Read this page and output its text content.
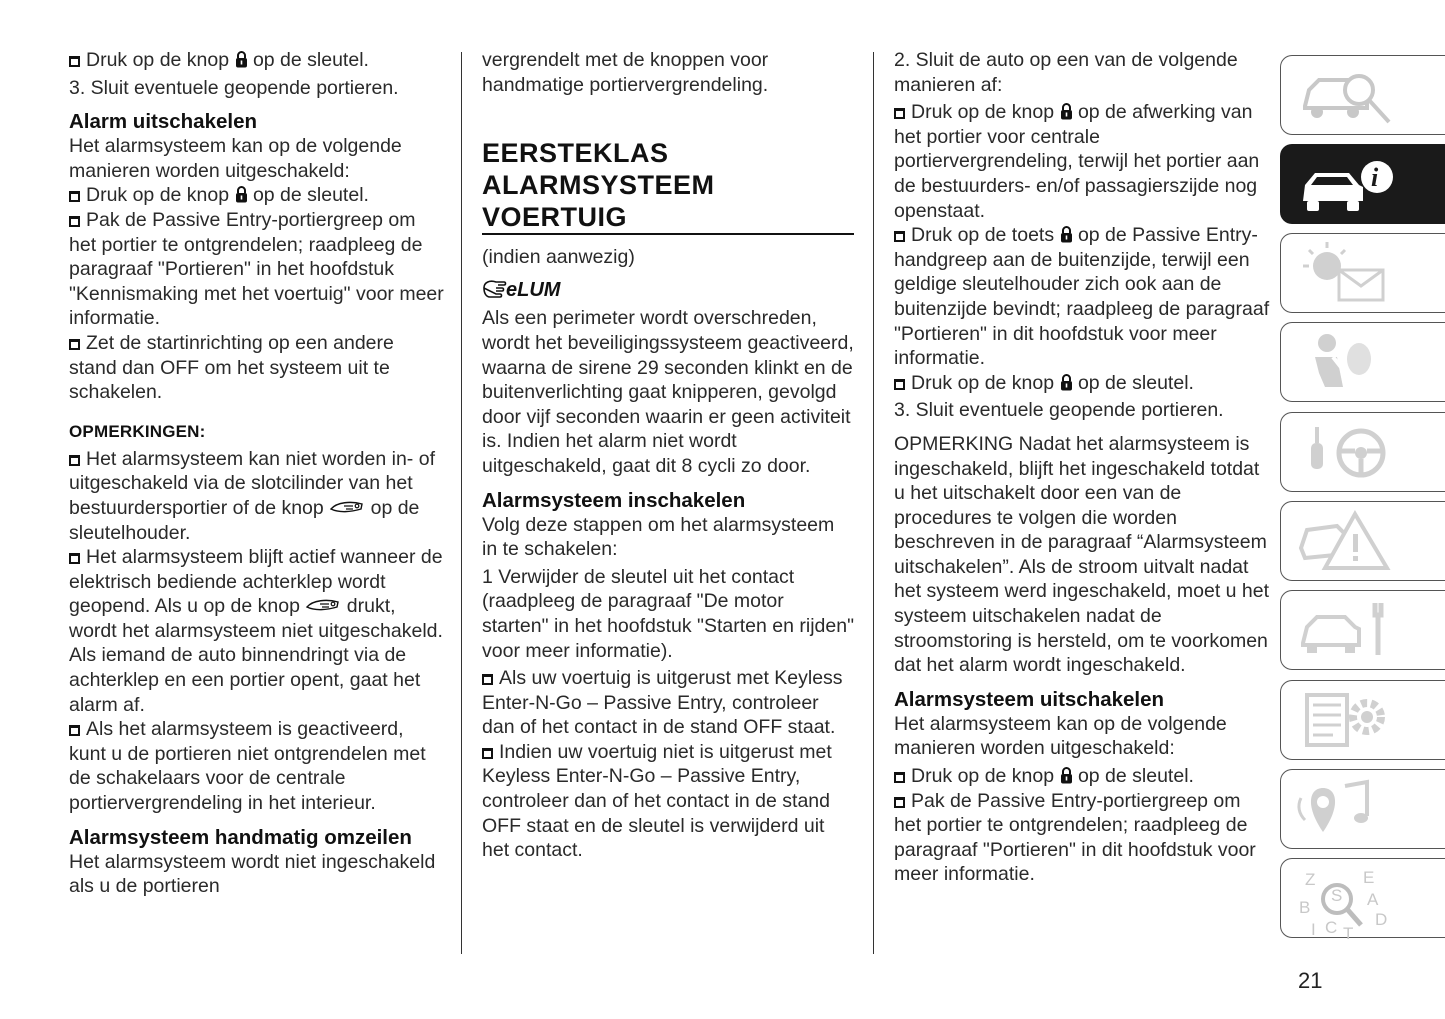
Druk op de knop op de sleutel.

3. Sluit eventuele geopende portieren.

Alarm uitschakelen

Het alarmsysteem kan op de volgende manieren worden uitgeschakeld:

Druk op de knop op de sleutel.

Pak de Passive Entry-portiergreep om het portier te ontgrendelen; raadpleeg de paragraaf "Portieren" in het hoofdstuk "Kennismaking met het voertuig" voor meer informatie.

Zet de startinrichting op een andere stand dan OFF om het systeem uit te schakelen.

OPMERKINGEN:

Het alarmsysteem kan niet worden in- of uitgeschakeld via de slotcilinder van het bestuurdersportier of de knop op de sleutelhouder.

Het alarmsysteem blijft actief wanneer de elektrisch bediende achterklep wordt geopend. Als u op de knop drukt, wordt het alarmsysteem niet uitgeschakeld. Als iemand de auto binnendringt via de achterklep en een portier opent, gaat het alarm af.

Als het alarmsysteem is geactiveerd, kunt u de portieren niet ontgrendelen met de schakelaars voor de centrale portiervergrendeling in het interieur.

Alarmsysteem handmatig omzeilen

Het alarmsysteem wordt niet ingeschakeld als u de portieren

vergrendelt met de knoppen voor handmatige portiervergrendeling.

EERSTEKLAS
ALARMSYSTEEM
VOERTUIG

(indien aanwezig)

eLUM

Als een perimeter wordt overschreden, wordt het beveiligingssysteem geactiveerd, waarna de sirene 29 seconden klinkt en de buitenverlichting gaat knipperen, gevolgd door vijf seconden waarin er geen activiteit is. Indien het alarm niet wordt uitgeschakeld, gaat dit 8 cycli zo door.

Alarmsysteem inschakelen

Volg deze stappen om het alarmsysteem in te schakelen:

1 Verwijder de sleutel uit het contact (raadpleeg de paragraaf "De motor starten" in het hoofdstuk "Starten en rijden" voor meer informatie).

Als uw voertuig is uitgerust met Keyless Enter-N-Go – Passive Entry, controleer dan of het contact in de stand OFF staat.

Indien uw voertuig niet is uitgerust met Keyless Enter-N-Go – Passive Entry, controleer dan of het contact in de stand OFF staat en de sleutel is verwijderd uit het contact.

2. Sluit de auto op een van de volgende manieren af:

Druk op de knop op de afwerking van het portier voor centrale portiervergrendeling, terwijl het portier aan de bestuurders- en/of passagierszijde nog openstaat.

Druk op de toets op de Passive Entry-handgreep aan de buitenzijde, terwijl een geldige sleutelhouder zich ook aan de buitenzijde bevindt; raadpleeg de paragraaf "Portieren" in dit hoofdstuk voor meer informatie.

Druk op de knop op de sleutel.

3. Sluit eventuele geopende portieren.

OPMERKING Nadat het alarmsysteem is ingeschakeld, blijft het ingeschakeld totdat u het uitschakelt door een van de procedures te volgen die worden beschreven in de paragraaf “Alarmsysteem uitschakelen”. Als de stroom uitvalt nadat het systeem werd ingeschakeld, moet u het systeem uitschakelen nadat de stroomstoring is hersteld, om te voorkomen dat het alarm wordt ingeschakeld.

Alarmsysteem uitschakelen

Het alarmsysteem kan op de volgende manieren worden uitgeschakeld:

Druk op de knop op de sleutel.

Pak de Passive Entry-portiergreep om het portier te ontgrendelen; raadpleeg de paragraaf "Portieren" in dit hoofdstuk voor meer informatie.

i
Z	E
S A
B
D
I C T
21
